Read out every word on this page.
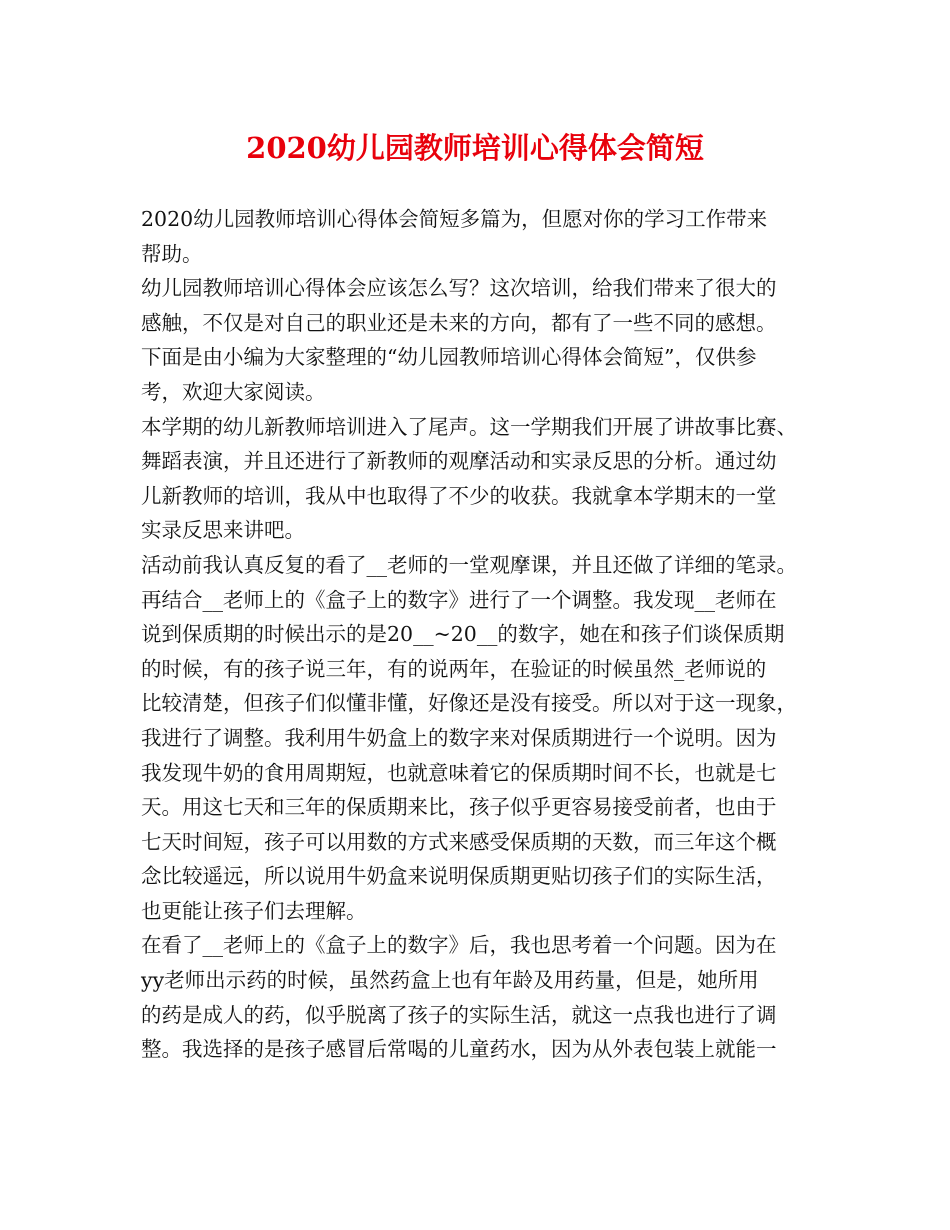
2020幼儿园教师培训心得体会简短
2020幼儿园教师培训心得体会简短多篇为，但愿对你的学习工作带来
帮助。
幼儿园教师培训心得体会应该怎么写？这次培训，给我们带来了很大的
感触，不仅是对自己的职业还是未来的方向，都有了一些不同的感想。
下面是由小编为大家整理的“幼儿园教师培训心得体会简短”，仅供参
考，欢迎大家阅读。
本学期的幼儿新教师培训进入了尾声。这一学期我们开展了讲故事比赛、
舞蹈表演，并且还进行了新教师的观摩活动和实录反思的分析。通过幼
儿新教师的培训，我从中也取得了不少的收获。我就拿本学期末的一堂
实录反思来讲吧。
活动前我认真反复的看了__老师的一堂观摩课，并且还做了详细的笔录。
再结合__老师上的《盒子上的数字》进行了一个调整。我发现__老师在
说到保质期的时候出示的是20__~20__的数字，她在和孩子们谈保质期
的时候，有的孩子说三年，有的说两年，在验证的时候虽然_老师说的
比较清楚，但孩子们似懂非懂，好像还是没有接受。所以对于这一现象，
我进行了调整。我利用牛奶盒上的数字来对保质期进行一个说明。因为
我发现牛奶的食用周期短，也就意味着它的保质期时间不长，也就是七
天。用这七天和三年的保质期来比，孩子似乎更容易接受前者，也由于
七天时间短，孩子可以用数的方式来感受保质期的天数，而三年这个概
念比较遥远，所以说用牛奶盒来说明保质期更贴切孩子们的实际生活，
也更能让孩子们去理解。
在看了__老师上的《盒子上的数字》后，我也思考着一个问题。因为在
yy老师出示药的时候，虽然药盒上也有年龄及用药量，但是，她所用
的药是成人的药，似乎脱离了孩子的实际生活，就这一点我也进行了调
整。我选择的是孩子感冒后常喝的儿童药水，因为从外表包装上就能一
